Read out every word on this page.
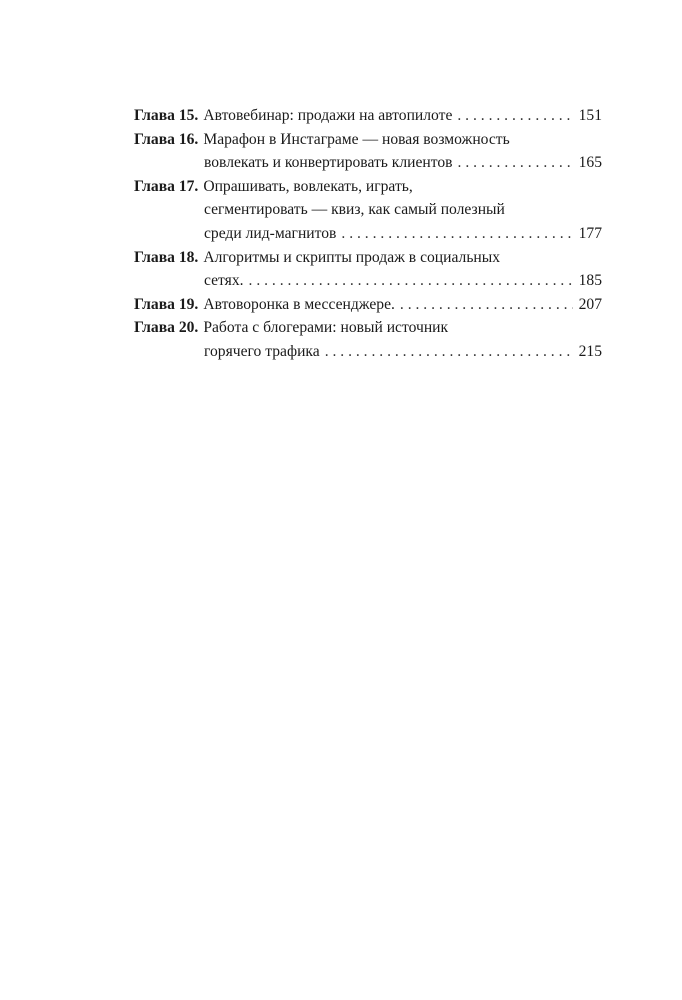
Глава 15. Автовебинар: продажи на автопилоте . . .	151
Глава 16. Марафон в Инстаграме — новая возможность
вовлекать и конвертировать клиентов . . .	165
Глава 17. Опрашивать, вовлекать, играть,
сегментировать — квиз, как самый полезный
среди лид-магнитов . . .	177
Глава 18. Алгоритмы и скрипты продаж в социальных
сетях. . . .	185
Глава 19. Автоворонка в мессенджере. . . .	207
Глава 20. Работа с блогерами: новый источник
горячего трафика . . .	215
